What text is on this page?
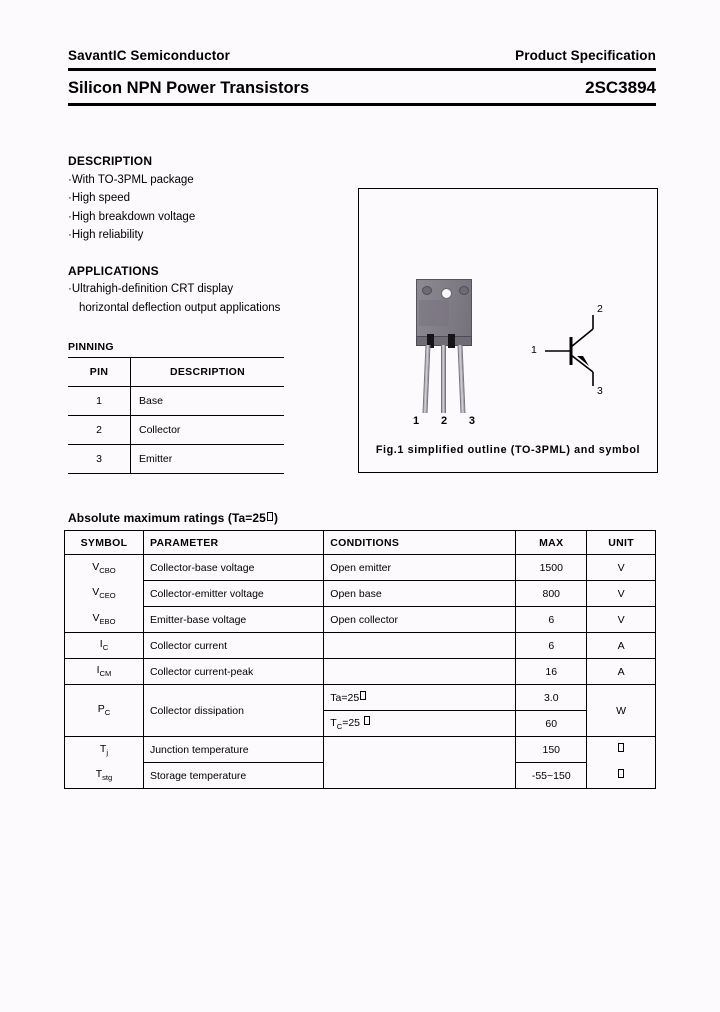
SavantIC Semiconductor	Product Specification
Silicon NPN Power Transistors	2SC3894
DESCRIPTION
·With TO-3PML package
·High speed
·High breakdown voltage
·High reliability
APPLICATIONS
·Ultrahigh-definition CRT display
horizontal deflection output applications
PINNING
PIN	DESCRIPTION
1	Base
2	Collector
3	Emitter
1 2 3
1
2
3
Fig.1 simplified outline (TO-3PML) and symbol
Absolute maximum ratings (Ta=25 )
SYMBOL	PARAMETER	CONDITIONS	MAX	UNIT
$V_{CBO}$	Collector-base voltage	Open emitter	1500	V
$V_{CEO}$	Collector-emitter voltage	Open base	800	V
$V_{EBO}$	Emitter-base voltage	Open collector	6	V
$I_C$	Collector current		6	A
$I_{CM}$	Collector current-peak		16	A
$P_C$	Collector dissipation	Ta=25	3.0	W
		$T_C=25$	60	
$T_j$	Junction temperature		150	
$T_{stg}$	Storage temperature		-55~150	
